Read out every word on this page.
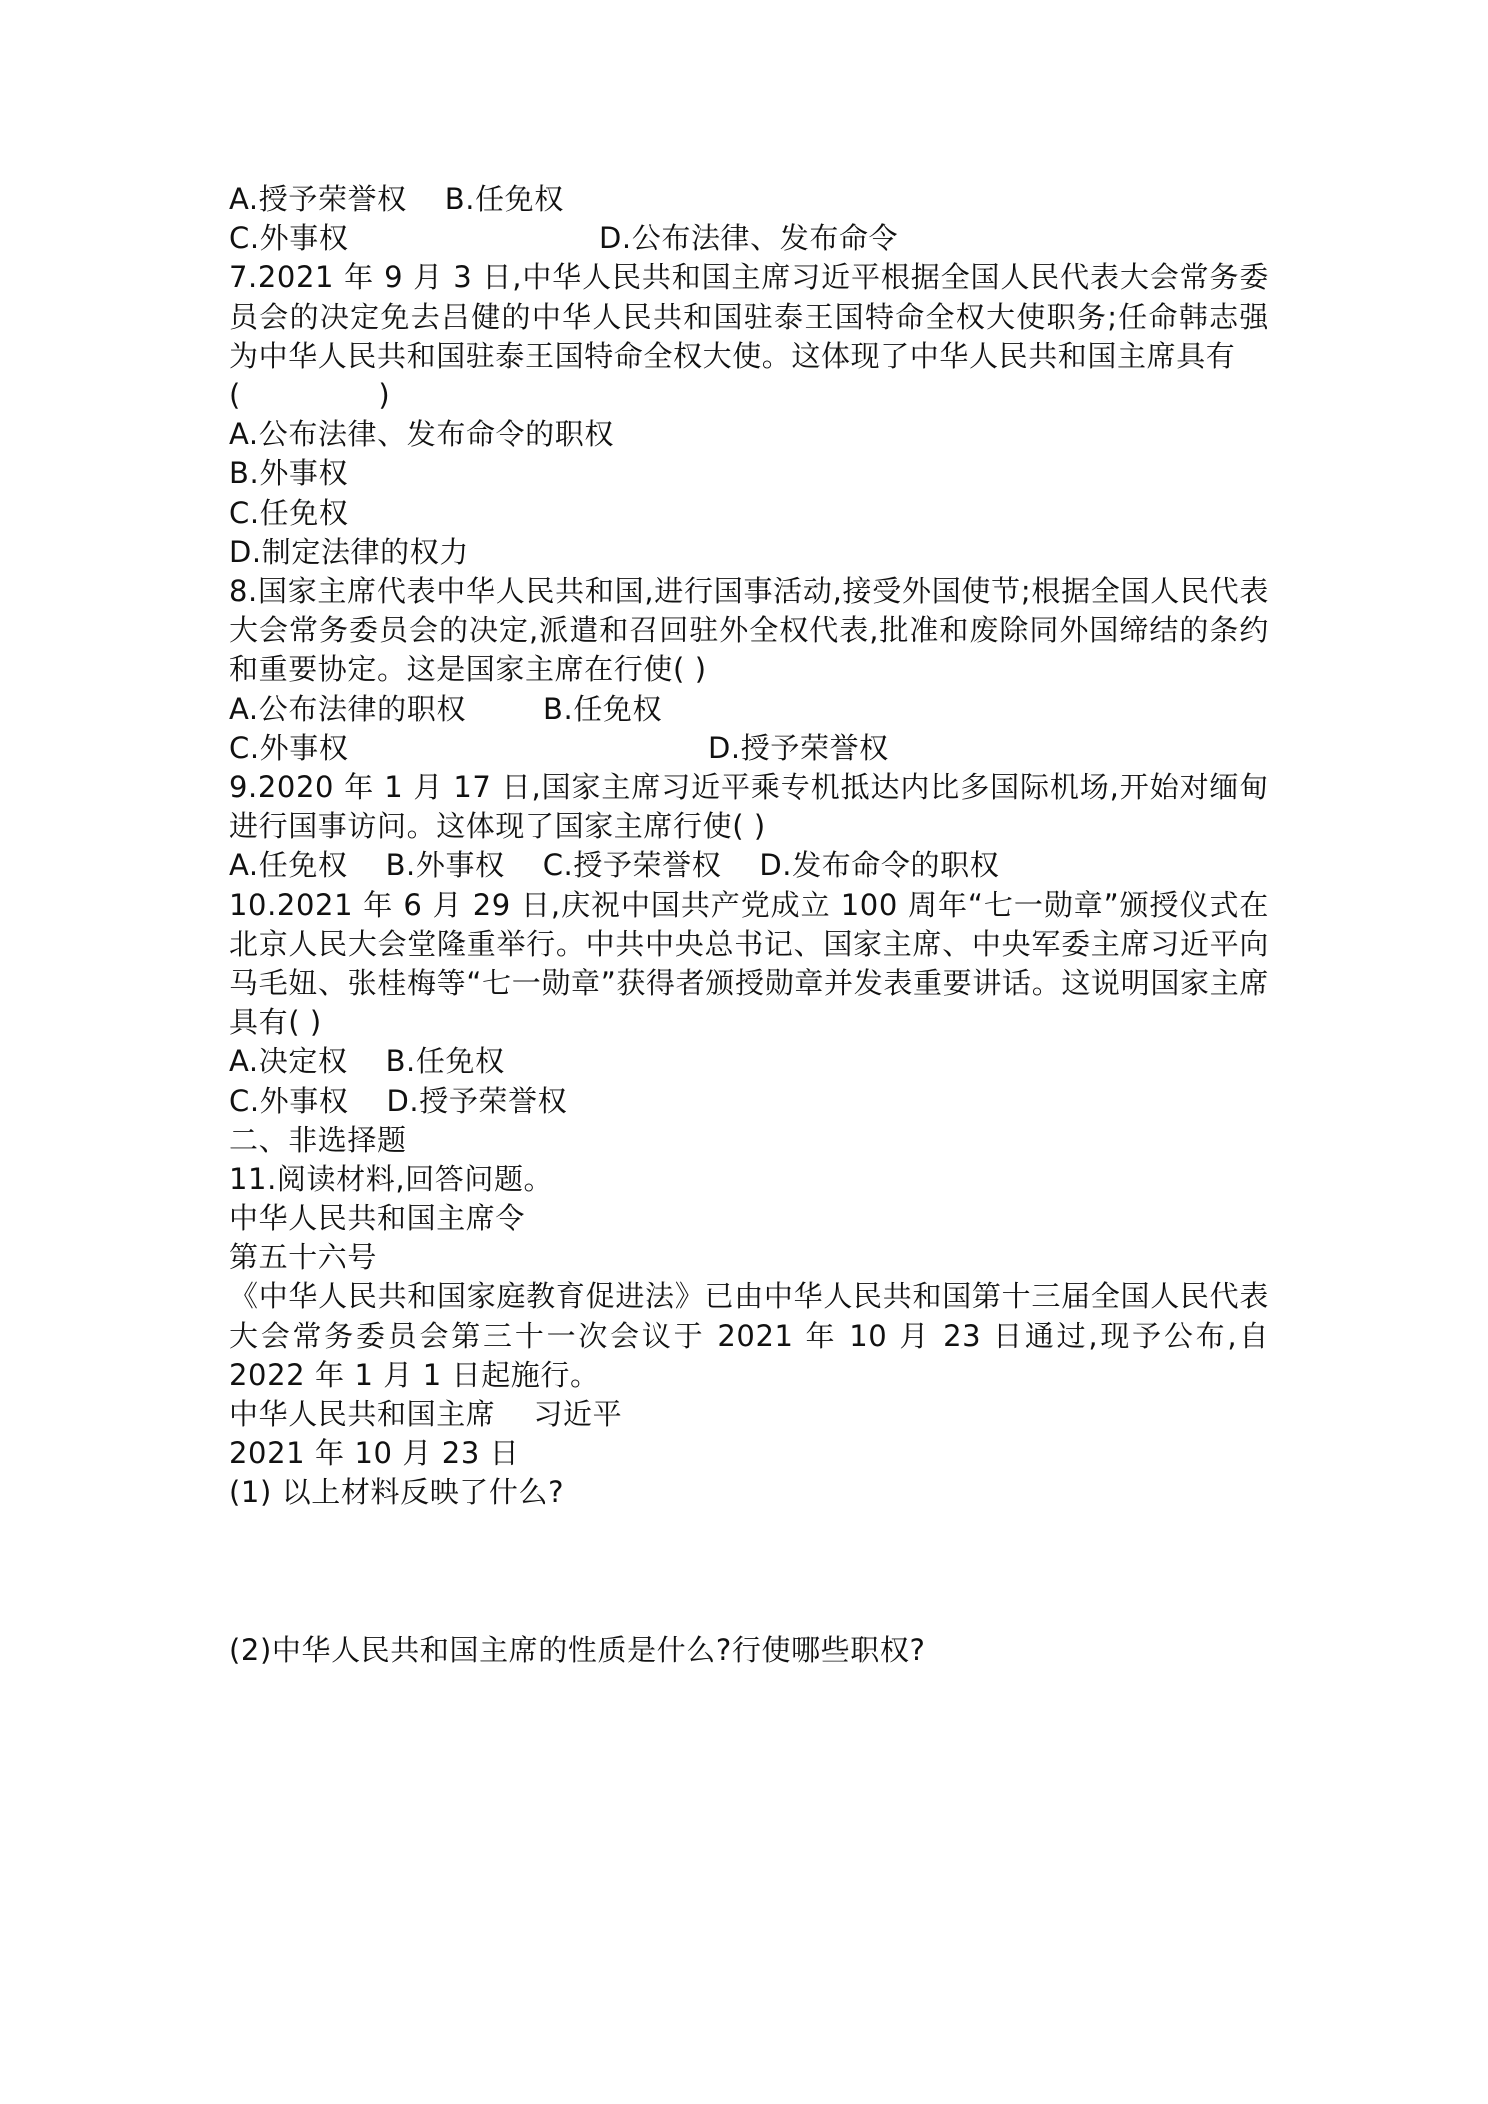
A.授予荣誉权 B.任免权
C.外事权	D.公布法律、发布命令
7.2021 年 9 月 3 日,中华人民共和国主席习近平根据全国人民代表大会常务委员会的决定免去吕健的中华人民共和国驻泰王国特命全权大使职务;任命韩志强为中华人民共和国驻泰王国特命全权大使。这体现了中华人民共和国主席具有
(              )
A.公布法律、发布命令的职权
B.外事权
C.任免权
D.制定法律的权力
8.国家主席代表中华人民共和国,进行国事活动,接受外国使节;根据全国人民代表大会常务委员会的决定,派遣和召回驻外全权代表,批准和废除同外国缔结的条约和重要协定。这是国家主席在行使( )
A.公布法律的职权	B.任免权
C.外事权	D.授予荣誉权
9.2020 年 1 月 17 日,国家主席习近平乘专机抵达内比多国际机场,开始对缅甸进行国事访问。这体现了国家主席行使( )
A.任免权 B.外事权 C.授予荣誉权 D.发布命令的职权
10.2021 年 6 月 29 日,庆祝中国共产党成立 100 周年“七一勋章”颁授仪式在北京人民大会堂隆重举行。中共中央总书记、国家主席、中央军委主席习近平向马毛妞、张桂梅等“七一勋章”获得者颁授勋章并发表重要讲话。这说明国家主席具有( )
A.决定权 B.任免权
C.外事权 D.授予荣誉权
二、非选择题
11.阅读材料,回答问题。
中华人民共和国主席令
第五十六号
《中华人民共和国家庭教育促进法》已由中华人民共和国第十三届全国人民代表大会常务委员会第三十一次会议于 2021 年 10 月 23 日通过,现予公布,自 2022 年 1 月 1 日起施行。
中华人民共和国主席 习近平
2021 年 10 月 23 日
(1) 以上材料反映了什么?
(2)中华人民共和国主席的性质是什么?行使哪些职权?
